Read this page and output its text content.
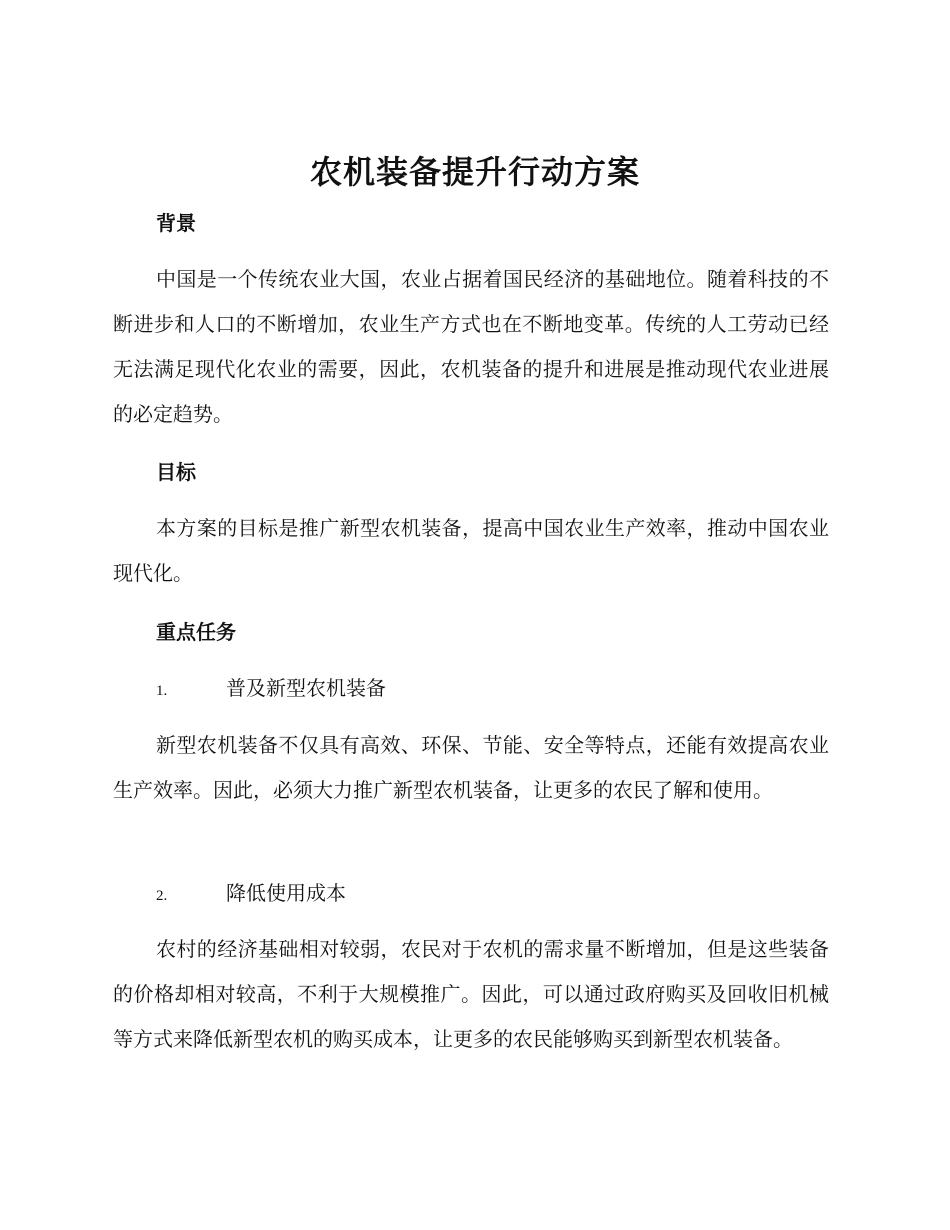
农机装备提升行动方案
背景

中国是一个传统农业大国，农业占据着国民经济的基础地位。随着科技的不断进步和人口的不断增加，农业生产方式也在不断地变革。传统的人工劳动已经无法满足现代化农业的需要，因此，农机装备的提升和进展是推动现代农业进展的必定趋势。

目标

本方案的目标是推广新型农机装备，提高中国农业生产效率，推动中国农业现代化。

重点任务
1.	普及新型农机装备

新型农机装备不仅具有高效、环保、节能、安全等特点，还能有效提高农业生产效率。因此，必须大力推广新型农机装备，让更多的农民了解和使用。

2.	降低使用成本

农村的经济基础相对较弱，农民对于农机的需求量不断增加，但是这些装备的价格却相对较高，不利于大规模推广。因此，可以通过政府购买及回收旧机械等方式来降低新型农机的购买成本，让更多的农民能够购买到新型农机装备。
